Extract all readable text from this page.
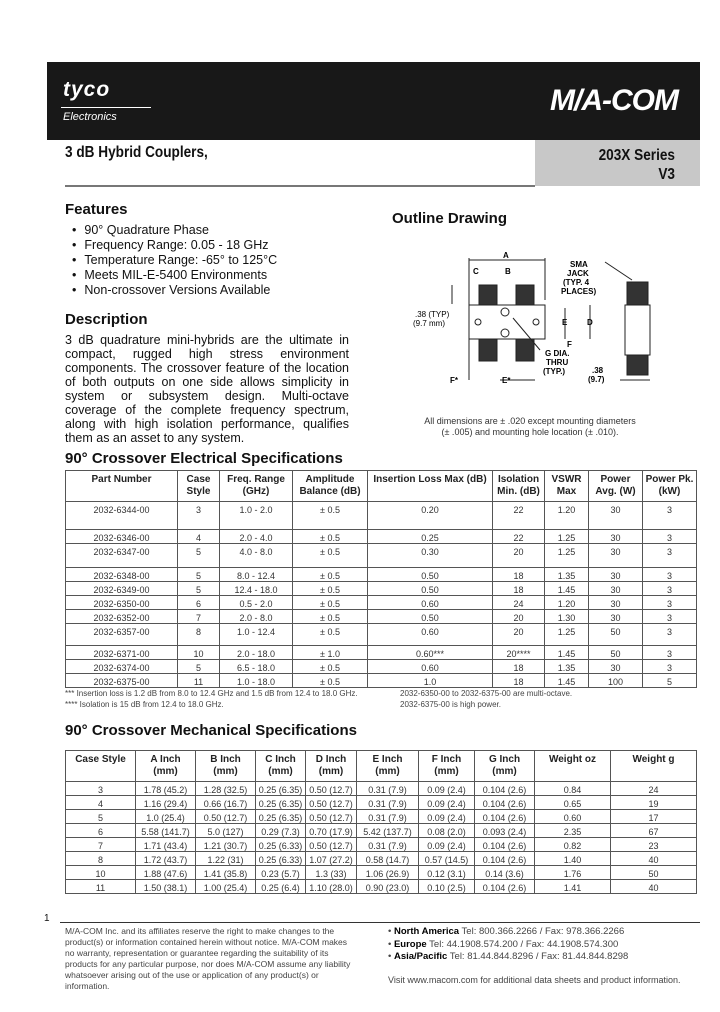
tyco
Electronics	M/A-COM
3 dB Hybrid Couplers,	203X Series
V3
Features
• 90° Quadrature Phase
• Frequency Range: 0.05 - 18 GHz
• Temperature Range: -65° to 125°C
• Meets MIL-E-5400 Environments
• Non-crossover Versions Available
Description

3 dB quadrature mini-hybrids are the ultimate in compact, rugged high stress environment components. The crossover feature of the location of both outputs on one side allows simplicity in system or subsystem design. Multi-octave coverage of the complete frequency spectrum, along with high isolation performance, qualifies them as an asset to any system.

Outline Drawing
A
C	B
E D
F
F*	E*
SMA
JACK
(TYP. 4
PLACES)
.38 (TYP)
(9.7 mm)
G DIA.
THRU
(TYP.)	.38
(9.7)
All dimensions are ± .020 except mounting diameters
(± .005) and mounting hole location (± .010).
90° Crossover Electrical Specifications
Part Number	Case Style	Freq. Range (GHz)	Amplitude Balance (dB)	Insertion Loss Max (dB)	Isolation Min. (dB)	VSWR Max	Power Avg. (W)	Power Pk. (kW)
2032-6344-00	3	1.0 - 2.0	± 0.5	0.20	22	1.20	30	3
2032-6346-00	4	2.0 - 4.0	± 0.5	0.25	22	1.25	30	3
2032-6347-00	5	4.0 - 8.0	± 0.5	0.30	20	1.25	30	3
2032-6348-00	5	8.0 - 12.4	± 0.5	0.50	18	1.35	30	3
2032-6349-00	5	12.4 - 18.0	± 0.5	0.50	18	1.45	30	3
2032-6350-00	6	0.5 - 2.0	± 0.5	0.60	24	1.20	30	3
2032-6352-00	7	2.0 - 8.0	± 0.5	0.50	20	1.30	30	3
2032-6357-00	8	1.0 - 12.4	± 0.5	0.60	20	1.25	50	3
2032-6371-00	10	2.0 - 18.0	± 1.0	0.60***	20****	1.45	50	3
2032-6374-00	5	6.5 - 18.0	± 0.5	0.60	18	1.35	30	3
2032-6375-00	11	1.0 - 18.0	± 0.5	1.0	18	1.45	100	5
*** Insertion loss is 1.2 dB from 8.0 to 12.4 GHz and 1.5 dB from 12.4 to 18.0 GHz.
**** Isolation is 15 dB from 12.4 to 18.0 GHz.
2032-6350-00 to 2032-6375-00 are multi-octave.
2032-6375-00 is high power.
90° Crossover Mechanical Specifications
Case Style	A Inch (mm)	B Inch (mm)	C Inch (mm)	D Inch (mm)	E Inch (mm)	F Inch (mm)	G Inch (mm)	Weight oz	Weight g
3	1.78 (45.2)	1.28 (32.5)	0.25 (6.35)	0.50 (12.7)	0.31 (7.9)	0.09 (2.4)	0.104 (2.6)	0.84	24
4	1.16 (29.4)	0.66 (16.7)	0.25 (6.35)	0.50 (12.7)	0.31 (7.9)	0.09 (2.4)	0.104 (2.6)	0.65	19
5	1.0 (25.4)	0.50 (12.7)	0.25 (6.35)	0.50 (12.7)	0.31 (7.9)	0.09 (2.4)	0.104 (2.6)	0.60	17
6	5.58 (141.7)	5.0 (127)	0.29 (7.3)	0.70 (17.9)	5.42 (137.7)	0.08 (2.0)	0.093 (2.4)	2.35	67
7	1.71 (43.4)	1.21 (30.7)	0.25 (6.33)	0.50 (12.7)	0.31 (7.9)	0.09 (2.4)	0.104 (2.6)	0.82	23
8	1.72 (43.7)	1.22 (31)	0.25 (6.33)	1.07 (27.2)	0.58 (14.7)	0.57 (14.5)	0.104 (2.6)	1.40	40
10	1.88 (47.6)	1.41 (35.8)	0.23 (5.7)	1.3 (33)	1.06 (26.9)	0.12 (3.1)	0.14 (3.6)	1.76	50
11	1.50 (38.1)	1.00 (25.4)	0.25 (6.4)	1.10 (28.0)	0.90 (23.0)	0.10 (2.5)	0.104 (2.6)	1.41	40
1

M/A-COM Inc. and its affiliates reserve the right to make changes to the product(s) or information contained herein without notice. M/A-COM makes no warranty, representation or guarantee regarding the suitability of its products for any particular purpose, nor does M/A-COM assume any liability whatsoever arising out of the use or application of any product(s) or information.

• North America Tel: 800.366.2266 / Fax: 978.366.2266
• Europe Tel: 44.1908.574.200 / Fax: 44.1908.574.300
• Asia/Pacific Tel: 81.44.844.8296 / Fax: 81.44.844.8298
Visit www.macom.com for additional data sheets and product information.
